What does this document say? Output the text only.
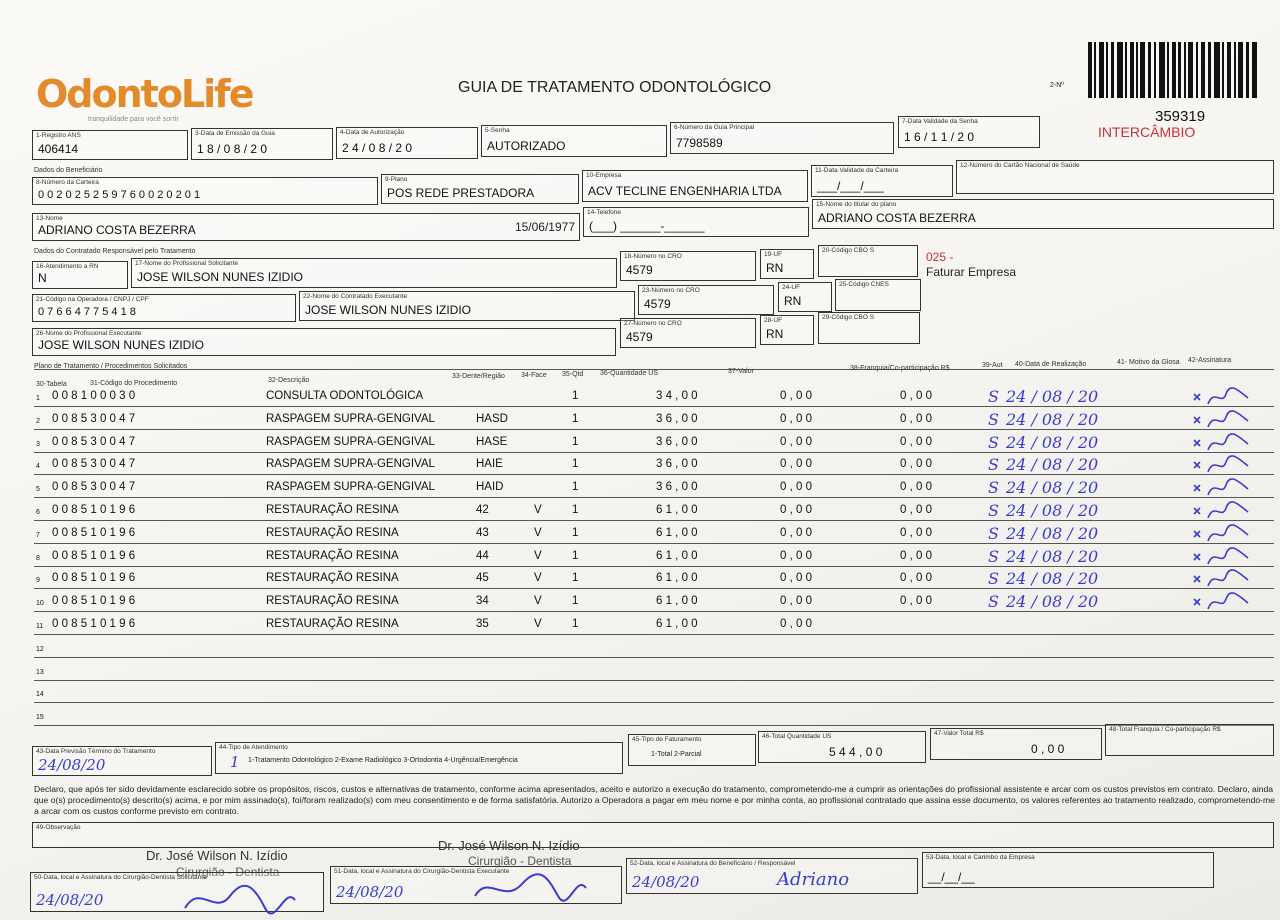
OdontoLife
tranquilidade para você sorrir
GUIA DE TRATAMENTO ODONTOLÓGICO	2-Nº
359319
INTERCÂMBIO
1-Registro ANS
406414
3-Data de Emissão da Guia
1 8 / 0 8 / 2 0
4-Data de Autorização
2 4 / 0 8 / 2 0
5-Senha
AUTORIZADO
6-Número da Guia Principal
7798589
7-Data Validade da Senha
1 6 / 1 1 / 2 0
Dados do Beneficiário
8-Número da Carteira
0 0 2 0 2 5 2 5 9 7 6 0 0 2 0 2 0 1
9-Plano
POS REDE PRESTADORA
10-Empresa
ACV TECLINE ENGENHARIA LTDA
11-Data Validade da Carteira
___/___/___
12-Número do Cartão Nacional de Saúde
13-Nome
ADRIANO COSTA BEZERRA	15/06/1977
14-Telefone
(___) ______-______
15-Nome do titular do plano
ADRIANO COSTA BEZERRA
Dados do Contratado Responsável pelo Tratamento
16-Atendimento a RN
N
17-Nome do Profissional Solicitante
JOSE WILSON NUNES IZIDIO
18-Número no CRO
4579
19-UF
RN
20-Código CBO S	025 -
Faturar Empresa
21-Código na Operadora / CNPJ / CPF
0 7 6 6 4 7 7 5 4 1 8
22-Nome do Contratado Executante
JOSE WILSON NUNES IZIDIO
23-Número no CRO
4579
24-UF
RN
25-Código CNES
26-Nome do Profissional Executante
JOSE WILSON NUNES IZIDIO
27-Número no CRO
4579
28-UF
RN
29-Código CBO S
Plano de Tratamento / Procedimentos Solicitados
30-Tabela	31-Código do Procedimento	32-Descrição
33-Dente/Região 34-Face 35-Qtd 36-Quantidade US	37-Valor	38-Franquia/Co-participação R$	39-Aut 40-Data de Realização	41- Motivo da Glosa 42-Assinatura
1 0 0 8 1 0 0 0 3 0	CONSULTA ODONTOLÓGICA	1	3 4 , 0 0	0 , 0 0	0 , 0 0	S 24 / 08 / 20
2 0 0 8 5 3 0 0 4 7	RASPAGEM SUPRA-GENGIVAL	HASD	1	3 6 , 0 0	0 , 0 0	0 , 0 0	S 24 / 08 / 20
3 0 0 8 5 3 0 0 4 7	RASPAGEM SUPRA-GENGIVAL	HASE	1	3 6 , 0 0	0 , 0 0	0 , 0 0	S 24 / 08 / 20
4 0 0 8 5 3 0 0 4 7	RASPAGEM SUPRA-GENGIVAL	HAIE	1	3 6 , 0 0	0 , 0 0	0 , 0 0	S 24 / 08 / 20
5 0 0 8 5 3 0 0 4 7	RASPAGEM SUPRA-GENGIVAL	HAID	1	3 6 , 0 0	0 , 0 0	0 , 0 0	S 24 / 08 / 20
6 0 0 8 5 1 0 1 9 6	RESTAURAÇÃO RESINA	42	V	1	6 1 , 0 0	0 , 0 0	0 , 0 0	S 24 / 08 / 20
7 0 0 8 5 1 0 1 9 6	RESTAURAÇÃO RESINA	43	V	1	6 1 , 0 0	0 , 0 0	0 , 0 0	S 24 / 08 / 20
8 0 0 8 5 1 0 1 9 6	RESTAURAÇÃO RESINA	44	V	1	6 1 , 0 0	0 , 0 0	0 , 0 0	S 24 / 08 / 20
9 0 0 8 5 1 0 1 9 6	RESTAURAÇÃO RESINA	45	V	1	6 1 , 0 0	0 , 0 0	0 , 0 0	S 24 / 08 / 20
10 0 0 8 5 1 0 1 9 6	RESTAURAÇÃO RESINA	34	V	1	6 1 , 0 0	0 , 0 0	0 , 0 0	S 24 / 08 / 20
11 0 0 8 5 1 0 1 9 6	RESTAURAÇÃO RESINA	35	V	1	6 1 , 0 0	0 , 0 0
12
13
14
15
43-Data Previsão Término do Tratamento
24/08/20
44-Tipo de Atendimento
1 1-Tratamento Odontológico 2-Exame Radiológico 3-Ortodontia 4-Urgência/Emergência
45-Tipo de Faturamento
1-Total 2-Parcial
46-Total Quantidade US
5 4 4 , 0 0
47-Valor Total R$
0 , 0 0
48-Total Franquia / Co-participação R$
Declaro, que após ter sido devidamente esclarecido sobre os propósitos, riscos, custos e alternativas de tratamento, conforme acima apresentados, aceito e autorizo a execução do tratamento, comprometendo-me a cumprir as orientações do profissional assistente e arcar com os custos previstos em contrato. Declaro, ainda que o(s) procedimento(s) descrito(s) acima, e por mim assinado(s), foi/foram realizado(s) com meu consentimento e de forma satisfatória. Autorizo a Operadora a pagar em meu nome e por minha conta, ao profissional contratado que assina esse documento, os valores referentes ao tratamento realizado, comprometendo-me a arcar com os custos conforme previsto em contrato.
49-Observação
Dr. José Wilson N. Izídio
Cirurgião - Dentista
Dr. José Wilson N. Izídio
Cirurgião - Dentista
50-Data, local e Assinatura do Cirurgião-Dentista Solicitante
24/08/20
51-Data, local e Assinatura do Cirurgião-Dentista Executante
24/08/20
52-Data, local e Assinatura do Beneficiário / Responsável
24/08/20	Adriano
53-Data, local e Carimbo da Empresa
__/__/__
